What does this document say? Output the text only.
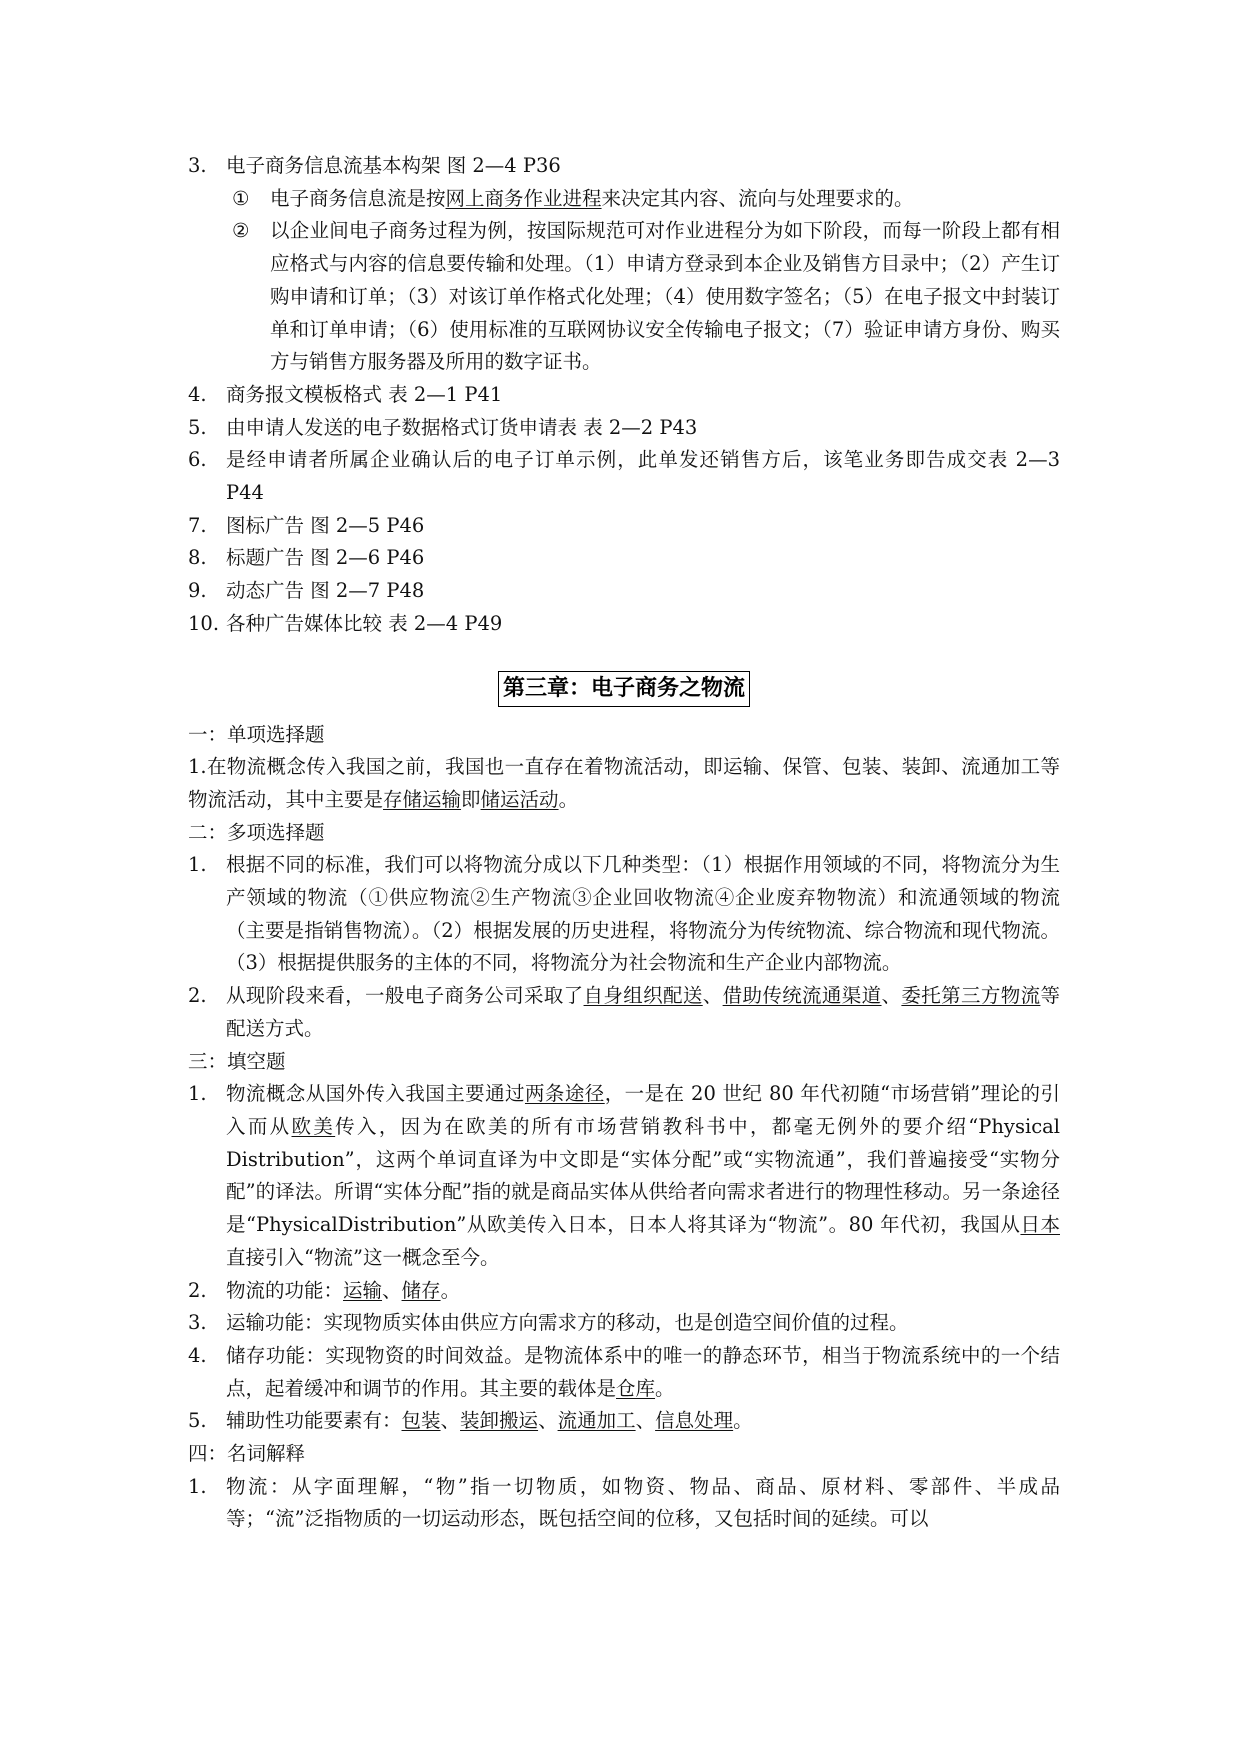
3. 电子商务信息流基本构架 图 2—4 P36
① 电子商务信息流是按网上商务作业进程来决定其内容、流向与处理要求的。
② 以企业间电子商务过程为例，按国际规范可对作业进程分为如下阶段，而每一阶段上都有相应格式与内容的信息要传输和处理。（1）申请方登录到本企业及销售方目录中；（2）产生订购申请和订单；（3）对该订单作格式化处理；（4）使用数字签名；（5）在电子报文中封装订单和订单申请；（6）使用标准的互联网协议安全传输电子报文；（7）验证申请方身份、购买方与销售方服务器及所用的数字证书。
4. 商务报文模板格式 表 2—1 P41
5. 由申请人发送的电子数据格式订货申请表 表 2—2 P43
6. 是经申请者所属企业确认后的电子订单示例，此单发还销售方后，该笔业务即告成交表 2—3 P44
7. 图标广告 图 2—5 P46
8. 标题广告 图 2—6 P46
9. 动态广告 图 2—7 P48
10. 各种广告媒体比较 表 2—4 P49
第三章：电子商务之物流
一：单项选择题
1.在物流概念传入我国之前，我国也一直存在着物流活动，即运输、保管、包装、装卸、流通加工等物流活动，其中主要是存储运输即储运活动。
二：多项选择题
1. 根据不同的标准，我们可以将物流分成以下几种类型：（1）根据作用领域的不同，将物流分为生产领域的物流（①供应物流②生产物流③企业回收物流④企业废弃物物流）和流通领域的物流（主要是指销售物流）。（2）根据发展的历史进程，将物流分为传统物流、综合物流和现代物流。（3）根据提供服务的主体的不同，将物流分为社会物流和生产企业内部物流。
2. 从现阶段来看，一般电子商务公司采取了自身组织配送、借助传统流通渠道、委托第三方物流等配送方式。
三：填空题
1. 物流概念从国外传入我国主要通过两条途径，一是在 20 世纪 80 年代初随“市场营销”理论的引入而从欧美传入，因为在欧美的所有市场营销教科书中，都毫无例外的要介绍“Physical Distribution”，这两个单词直译为中文即是“实体分配”或“实物流通”，我们普遍接受“实物分配”的译法。所谓“实体分配”指的就是商品实体从供给者向需求者进行的物理性移动。另一条途径是“PhysicalDistribution”从欧美传入日本，日本人将其译为“物流”。80 年代初，我国从日本直接引入“物流”这一概念至今。
2. 物流的功能：运输、储存。
3. 运输功能：实现物质实体由供应方向需求方的移动，也是创造空间价值的过程。
4. 储存功能：实现物资的时间效益。是物流体系中的唯一的静态环节，相当于物流系统中的一个结点，起着缓冲和调节的作用。其主要的载体是仓库。
5. 辅助性功能要素有：包装、装卸搬运、流通加工、信息处理。
四：名词解释
1. 物流：从字面理解，“物”指一切物质，如物资、物品、商品、原材料、零部件、半成品等；“流”泛指物质的一切运动形态，既包括空间的位移，又包括时间的延续。可以
